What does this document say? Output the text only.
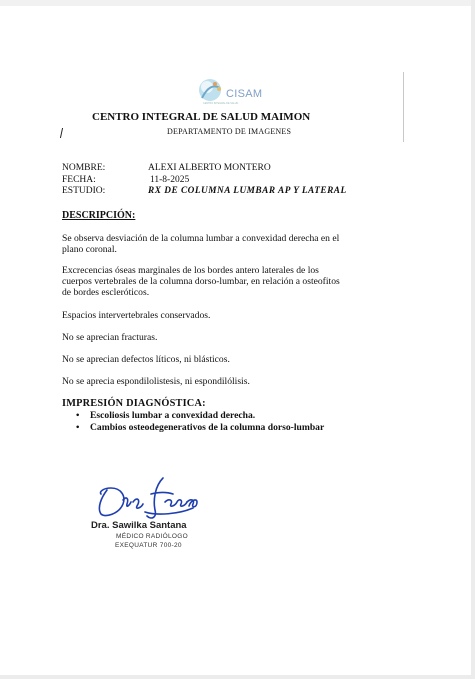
CENTRO INTEGRAL DE SALUD
CISAM
CENTRO INTEGRAL DE SALUD MAIMON
DEPARTAMENTO DE IMAGENES
NOMBRE:	ALEXI ALBERTO MONTERO
FECHA:	11-8-2025
ESTUDIO:	RX DE COLUMNA LUMBAR AP Y LATERAL
DESCRIPCIÓN:
Se observa desviación de la columna lumbar a convexidad derecha en el
plano coronal.
Excrecencias óseas marginales de los bordes antero laterales de los
cuerpos vertebrales de la columna dorso-lumbar, en relación a osteofitos
de bordes escleróticos.
Espacios intervertebrales conservados.
No se aprecian fracturas.
No se aprecian defectos líticos, ni blásticos.
No se aprecia espondilolistesis, ni espondilólisis.
IMPRESIÓN DIAGNÓSTICA:
• Escoliosis lumbar a convexidad derecha.
• Cambios osteodegenerativos de la columna dorso-lumbar
Dra. Sawilka Santana
MÉDICO RADIÓLOGO
EXEQUATUR 700-20
